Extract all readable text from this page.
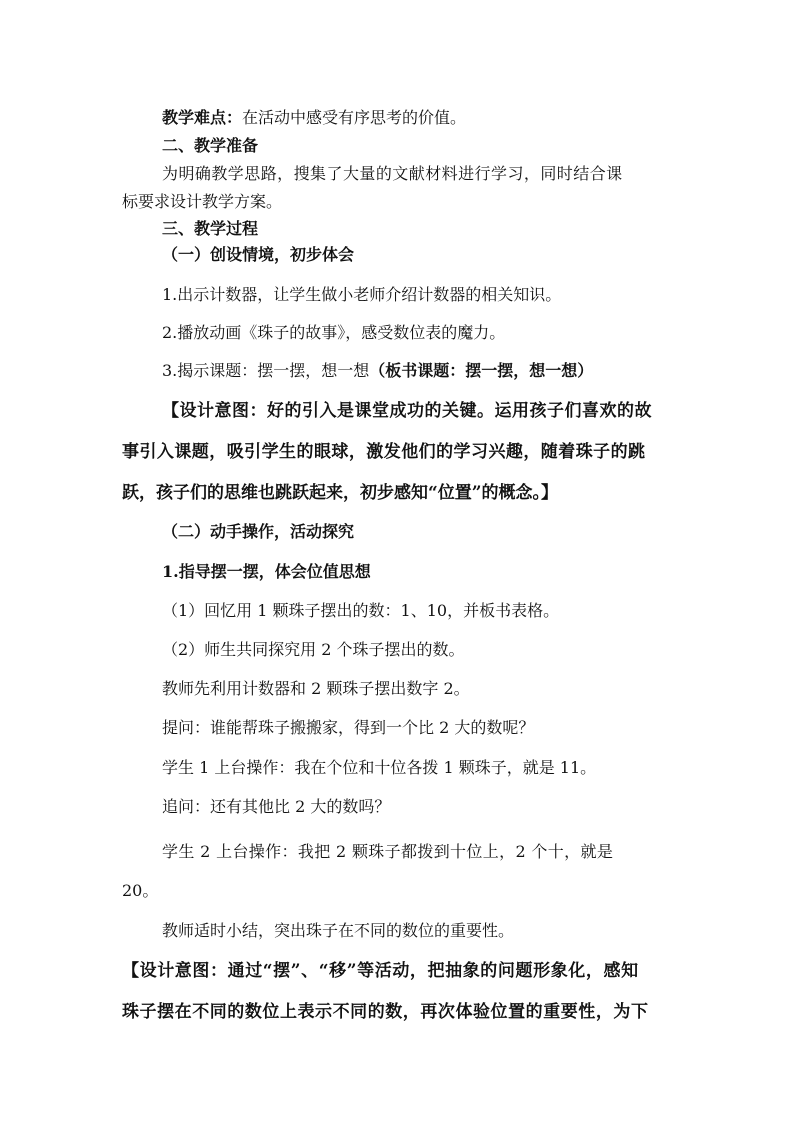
教学难点：在活动中感受有序思考的价值。
二、教学准备
为明确教学思路，搜集了大量的文献材料进行学习，同时结合课
标要求设计教学方案。
三、教学过程
（一）创设情境，初步体会
1.出示计数器，让学生做小老师介绍计数器的相关知识。
2.播放动画《珠子的故事》，感受数位表的魔力。
3.揭示课题：摆一摆，想一想（板书课题：摆一摆，想一想）
【设计意图：好的引入是课堂成功的关键。运用孩子们喜欢的故
事引入课题，吸引学生的眼球，激发他们的学习兴趣，随着珠子的跳
跃，孩子们的思维也跳跃起来，初步感知“位置”的概念。】
（二）动手操作，活动探究
1.指导摆一摆，体会位值思想
（1）回忆用 1 颗珠子摆出的数：1、10，并板书表格。
（2）师生共同探究用 2 个珠子摆出的数。
教师先利用计数器和 2 颗珠子摆出数字 2。
提问：谁能帮珠子搬搬家，得到一个比 2 大的数呢？
学生 1 上台操作：我在个位和十位各拨 1 颗珠子，就是 11。
追问：还有其他比 2 大的数吗？
学生 2 上台操作：我把 2 颗珠子都拨到十位上，2 个十，就是
20。
教师适时小结，突出珠子在不同的数位的重要性。
【设计意图：通过“摆”、“移”等活动，把抽象的问题形象化，感知
珠子摆在不同的数位上表示不同的数，再次体验位置的重要性，为下
